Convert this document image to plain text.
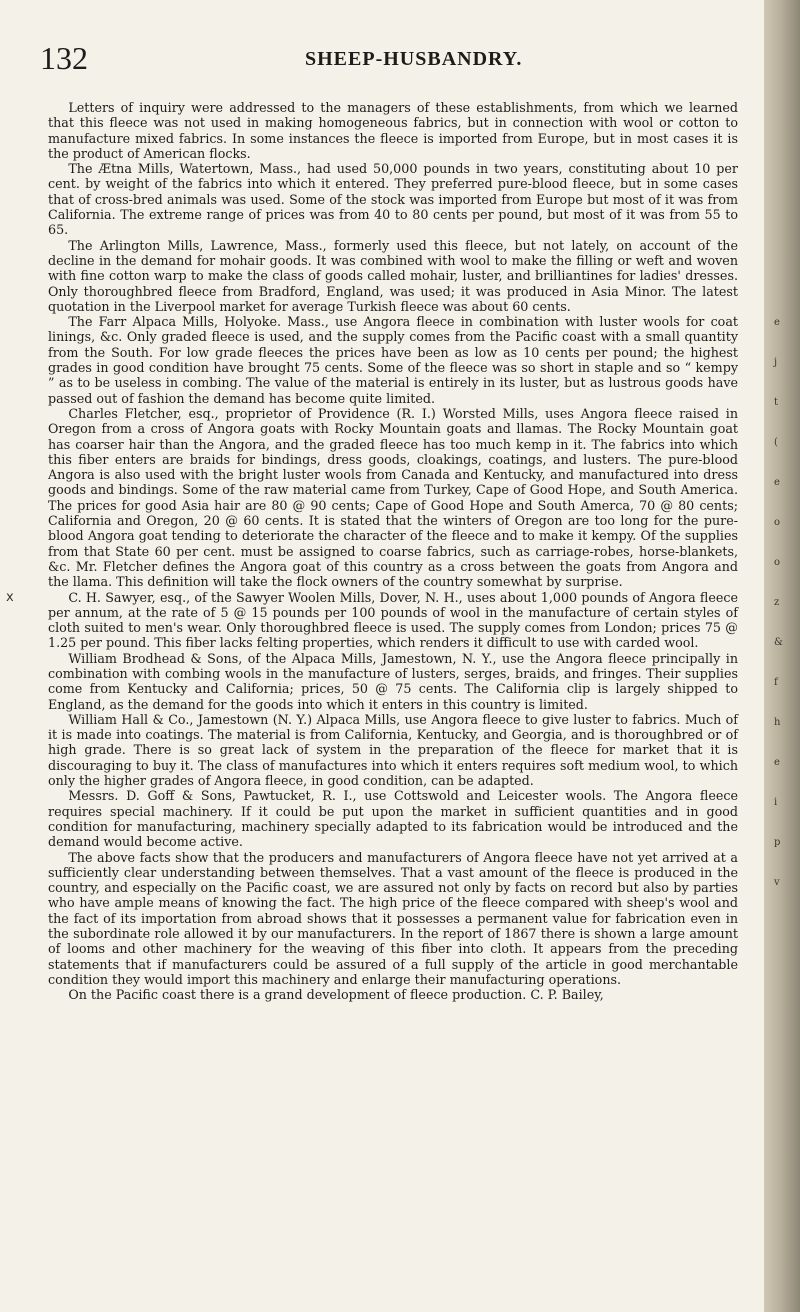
132	SHEEP-HUSBANDRY.

Letters of inquiry were addressed to the managers of these establishments, from which we learned that this fleece was not used in making homogeneous fabrics, but in connection with wool or cotton to manufacture mixed fabrics. In some instances the fleece is imported from Europe, but in most cases it is the product of American flocks.

The Ætna Mills, Watertown, Mass., had used 50,000 pounds in two years, constituting about 10 per cent. by weight of the fabrics into which it entered. They preferred pure-blood fleece, but in some cases that of cross-bred animals was used. Some of the stock was imported from Europe but most of it was from California. The extreme range of prices was from 40 to 80 cents per pound, but most of it was from 55 to 65.

The Arlington Mills, Lawrence, Mass., formerly used this fleece, but not lately, on account of the decline in the demand for mohair goods. It was combined with wool to make the filling or weft and woven with fine cotton warp to make the class of goods called mohair, luster, and brilliantines for ladies' dresses. Only thoroughbred fleece from Bradford, England, was used; it was produced in Asia Minor. The latest quotation in the Liverpool market for average Turkish fleece was about 60 cents.

The Farr Alpaca Mills, Holyoke. Mass., use Angora fleece in combination with luster wools for coat linings, &c. Only graded fleece is used, and the supply comes from the Pacific coast with a small quantity from the South. For low grade fleeces the prices have been as low as 10 cents per pound; the highest grades in good condition have brought 75 cents. Some of the fleece was so short in staple and so “ kempy ” as to be useless in combing. The value of the material is entirely in its luster, but as lustrous goods have passed out of fashion the demand has become quite limited.

Charles Fletcher, esq., proprietor of Providence (R. I.) Worsted Mills, uses Angora fleece raised in Oregon from a cross of Angora goats with Rocky Mountain goats and llamas. The Rocky Mountain goat has coarser hair than the Angora, and the graded fleece has too much kemp in it. The fabrics into which this fiber enters are braids for bindings, dress goods, cloakings, coatings, and lusters. The pure-blood Angora is also used with the bright luster wools from Canada and Kentucky, and manufactured into dress goods and bindings. Some of the raw material came from Turkey, Cape of Good Hope, and South America. The prices for good Asia hair are 80 @ 90 cents; Cape of Good Hope and South Amerca, 70 @ 80 cents; California and Oregon, 20 @ 60 cents. It is stated that the winters of Oregon are too long for the pure-blood Angora goat tending to deteriorate the character of the fleece and to make it kempy. Of the supplies from that State 60 per cent. must be assigned to coarse fabrics, such as carriage-robes, horse-blankets, &c. Mr. Fletcher defines the Angora goat of this country as a cross between the goats from Angora and the llama. This definition will take the flock owners of the country somewhat by surprise.

C. H. Sawyer, esq., of the Sawyer Woolen Mills, Dover, N. H., uses about 1,000 pounds of Angora fleece per annum, at the rate of 5 @ 15 pounds per 100 pounds of wool in the manufacture of certain styles of cloth suited to men's wear. Only thoroughbred fleece is used. The supply comes from London; prices 75 @ 1.25 per pound. This fiber lacks felting properties, which renders it difficult to use with carded wool.

William Brodhead & Sons, of the Alpaca Mills, Jamestown, N. Y., use the Angora fleece principally in combination with combing wools in the manufacture of lusters, serges, braids, and fringes. Their supplies come from Kentucky and California; prices, 50 @ 75 cents. The California clip is largely shipped to England, as the demand for the goods into which it enters in this country is limited.

William Hall & Co., Jamestown (N. Y.) Alpaca Mills, use Angora fleece to give luster to fabrics. Much of it is made into coatings. The material is from California, Kentucky, and Georgia, and is thoroughbred or of high grade. There is so great lack of system in the preparation of the fleece for market that it is discouraging to buy it. The class of manufactures into which it enters requires soft medium wool, to which only the higher grades of Angora fleece, in good condition, can be adapted.

Messrs. D. Goff & Sons, Pawtucket, R. I., use Cottswold and Leicester wools. The Angora fleece requires special machinery. If it could be put upon the market in sufficient quantities and in good condition for manufacturing, machinery specially adapted to its fabrication would be introduced and the demand would become active.

The above facts show that the producers and manufacturers of Angora fleece have not yet arrived at a sufficiently clear understanding between themselves. That a vast amount of the fleece is produced in the country, and especially on the Pacific coast, we are assured not only by facts on record but also by parties who have ample means of knowing the fact. The high price of the fleece compared with sheep's wool and the fact of its importation from abroad shows that it possesses a permanent value for fabrication even in the subordinate role allowed it by our manufacturers. In the report of 1867 there is shown a large amount of looms and other machinery for the weaving of this fiber into cloth. It appears from the preceding statements that if manufacturers could be assured of a full supply of the article in good merchantable condition they would import this machinery and enlarge their manufacturing operations.

On the Pacific coast there is a grand development of fleece production. C. P. Bailey,

x
e
j
t
(
e
o
o
z
&
f
h
e
i
p
v
